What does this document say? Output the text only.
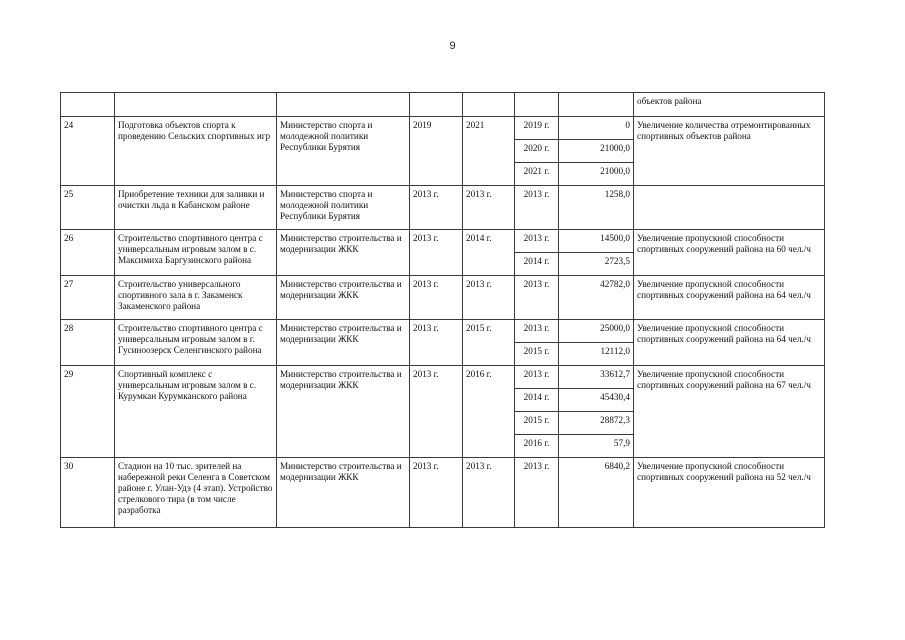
9
							объектов района
24	Подготовка объектов спорта к проведению Сельских спортивных игр	Министерство спорта и молодежной политики Республики Бурятия	2019	2021	2019 г.	0	Увеличение количества отремонтированных спортивных объектов района
					2020 г.	21000,0	
					2021 г.	21000,0	
25	Приобретение техники для заливки и очистки льда в Кабанском районе	Министерство спорта и молодежной политики Республики Бурятия	2013 г.	2013 г.	2013 г.	1258,0	
26	Строительство спортивного центра с универсальным игровым залом в с. Максимиха Баргузинского района	Министерство строительства и модернизации ЖКК	2013 г.	2014 г.	2013 г.	14500,0	Увеличение пропускной способности спортивных сооружений района на 60 чел./ч
					2014 г.	2723,5	
27	Строительство универсального спортивного зала в г. Закаменск Закаменского района	Министерство строительства и модернизации ЖКК	2013 г.	2013 г.	2013 г.	42782,0	Увеличение пропускной способности спортивных сооружений района на 64 чел./ч
28	Строительство спортивного центра с универсальным игровым залом в г. Гусиноозерск Селенгинского района	Министерство строительства и модернизации ЖКК	2013 г.	2015 г.	2013 г.	25000,0	Увеличение пропускной способности спортивных сооружений района на 64 чел./ч
					2015 г.	12112,0	
29	Спортивный комплекс с универсальным игровым залом в с. Курумкан Курумканского района	Министерство строительства и модернизации ЖКК	2013 г.	2016 г.	2013 г.	33612,7	Увеличение пропускной способности спортивных сооружений района на 67 чел./ч
					2014 г.	45430,4	
					2015 г.	28872,3	
					2016 г.	57,9	
30	Стадион на 10 тыс. зрителей на набережной реки Селенга в Советском районе г. Улан-Удэ (4 этап). Устройство стрелкового тира (в том числе разработка	Министерство строительства и модернизации ЖКК	2013 г.	2013 г.	2013 г.	6840,2	Увеличение пропускной способности спортивных сооружений района на 52 чел./ч
